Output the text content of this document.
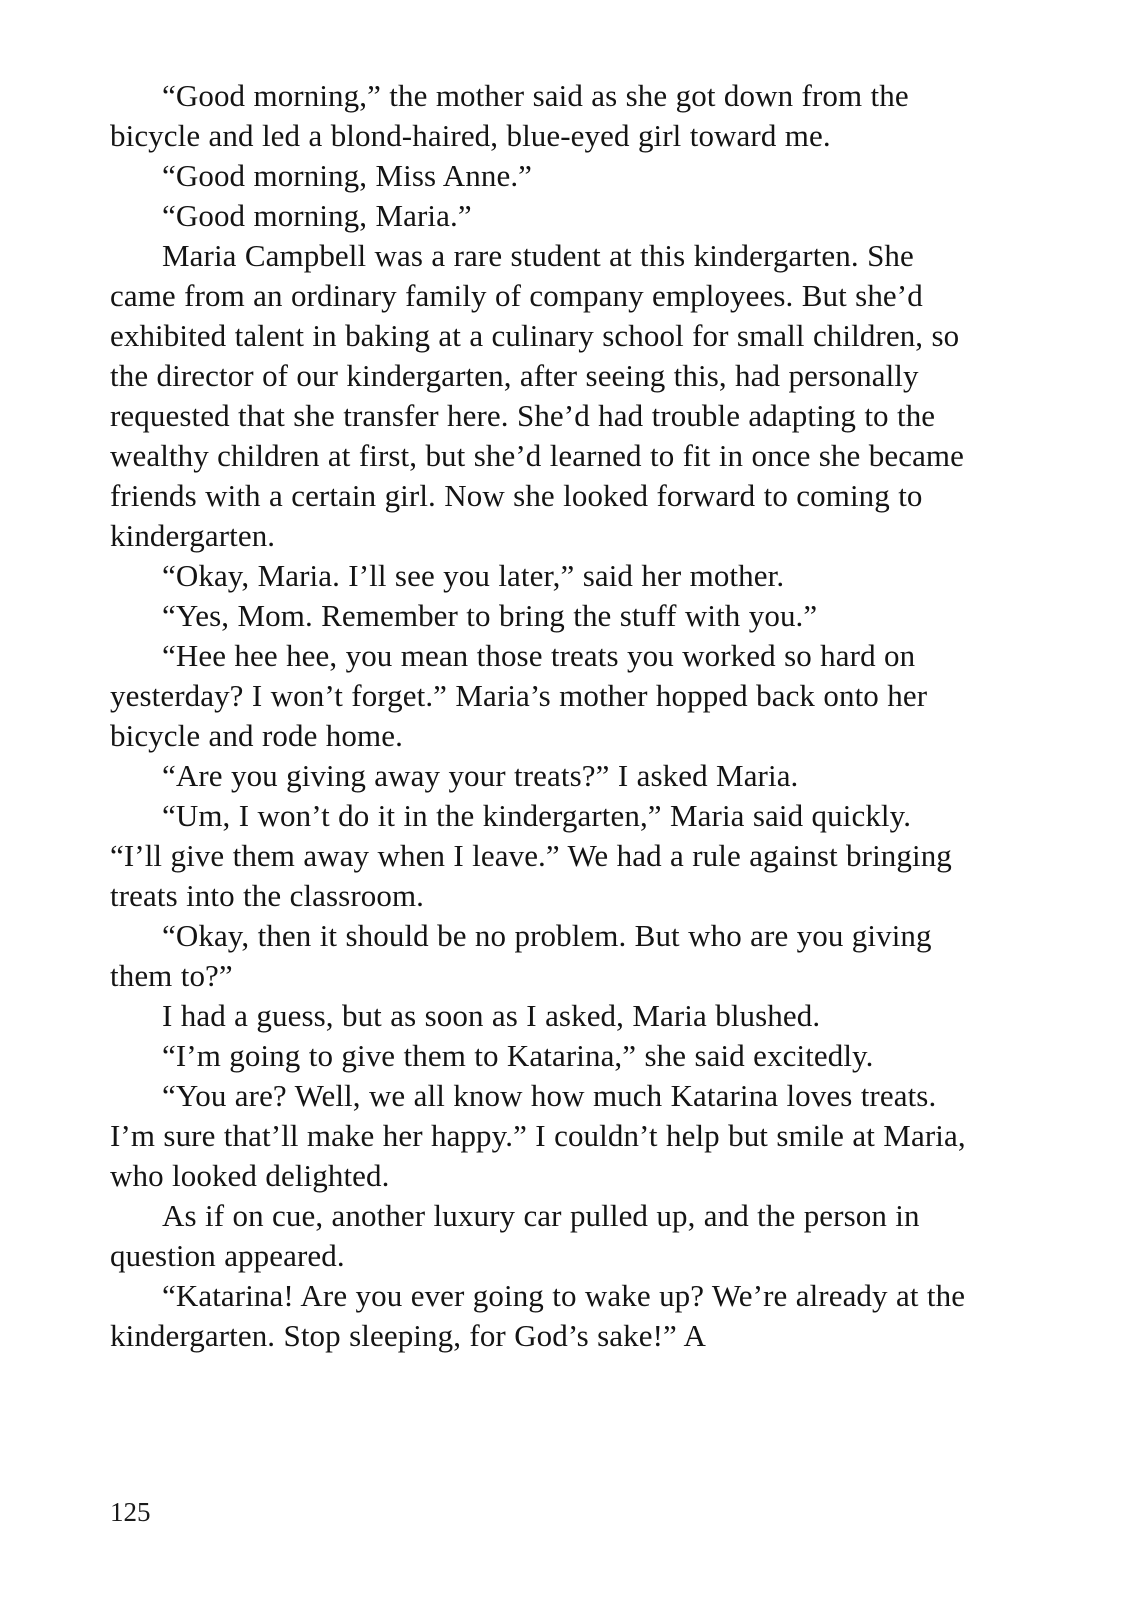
“Good morning,” the mother said as she got down from the bicycle and led a blond-haired, blue-eyed girl toward me.

“Good morning, Miss Anne.”

“Good morning, Maria.”

Maria Campbell was a rare student at this kindergarten. She came from an ordinary family of company employees. But she’d exhibited talent in baking at a culinary school for small children, so the director of our kindergarten, after seeing this, had personally requested that she transfer here. She’d had trouble adapting to the wealthy children at first, but she’d learned to fit in once she became friends with a certain girl. Now she looked forward to coming to kindergarten.

“Okay, Maria. I’ll see you later,” said her mother.

“Yes, Mom. Remember to bring the stuff with you.”

“Hee hee hee, you mean those treats you worked so hard on yesterday? I won’t forget.” Maria’s mother hopped back onto her bicycle and rode home.

“Are you giving away your treats?” I asked Maria.

“Um, I won’t do it in the kindergarten,” Maria said quickly. “I’ll give them away when I leave.” We had a rule against bringing treats into the classroom.

“Okay, then it should be no problem. But who are you giving them to?”

I had a guess, but as soon as I asked, Maria blushed.

“I’m going to give them to Katarina,” she said excitedly.

“You are? Well, we all know how much Katarina loves treats. I’m sure that’ll make her happy.” I couldn’t help but smile at Maria, who looked delighted.

As if on cue, another luxury car pulled up, and the person in question appeared.

“Katarina! Are you ever going to wake up? We’re already at the kindergarten. Stop sleeping, for God’s sake!” A

125
